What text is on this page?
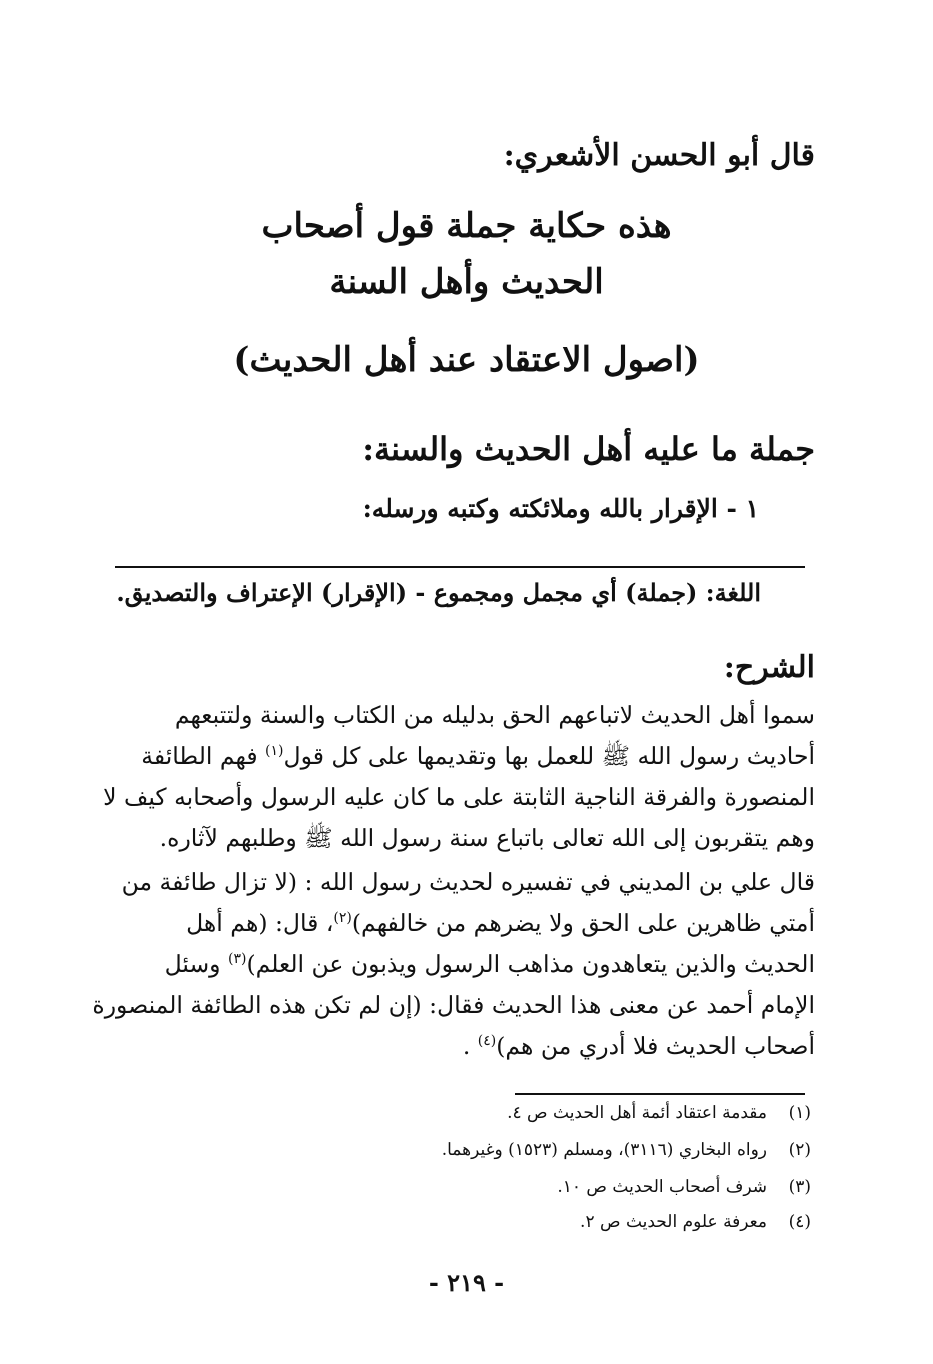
قال أبو الحسن الأشعري:
هذه حكاية جملة قول أصحاب
الحديث وأهل السنة
(اصول الاعتقاد عند أهل الحديث)
جملة ما عليه أهل الحديث والسنة:
١ - الإقرار بالله وملائكته وكتبه ورسله:
اللغة: (جملة) أي مجمل ومجموع - (الإقرار) الإعتراف والتصديق.
الشرح:
سموا أهل الحديث لاتباعهم الحق بدليله من الكتاب والسنة ولتتبعهم
أحاديث رسول الله ﷺ للعمل بها وتقديمها على كل قول$^{(١)}$ فهم الطائفة
المنصورة والفرقة الناجية الثابتة على ما كان عليه الرسول وأصحابه كيف لا
وهم يتقربون إلى الله تعالى باتباع سنة رسول الله ﷺ وطلبهم لآثاره.
قال علي بن المديني في تفسيره لحديث رسول الله : (لا تزال طائفة من
أمتي ظاهرين على الحق ولا يضرهم من خالفهم)$^{(٢)}$، قال: (هم أهل
الحديث والذين يتعاهدون مذاهب الرسول ويذبون عن العلم)$^{(٣)}$ وسئل
الإمام أحمد عن معنى هذا الحديث فقال: (إن لم تكن هذه الطائفة المنصورة
أصحاب الحديث فلا أدري من هم)$^{(٤)}$ .
(١)مقدمة اعتقاد أئمة أهل الحديث ص ٤.
(٢)رواه البخاري (٣١١٦)، ومسلم (١٥٢٣) وغيرهما.
(٣)شرف أصحاب الحديث ص ١٠.
(٤)معرفة علوم الحديث ص ٢.
- ٢١٩ -
